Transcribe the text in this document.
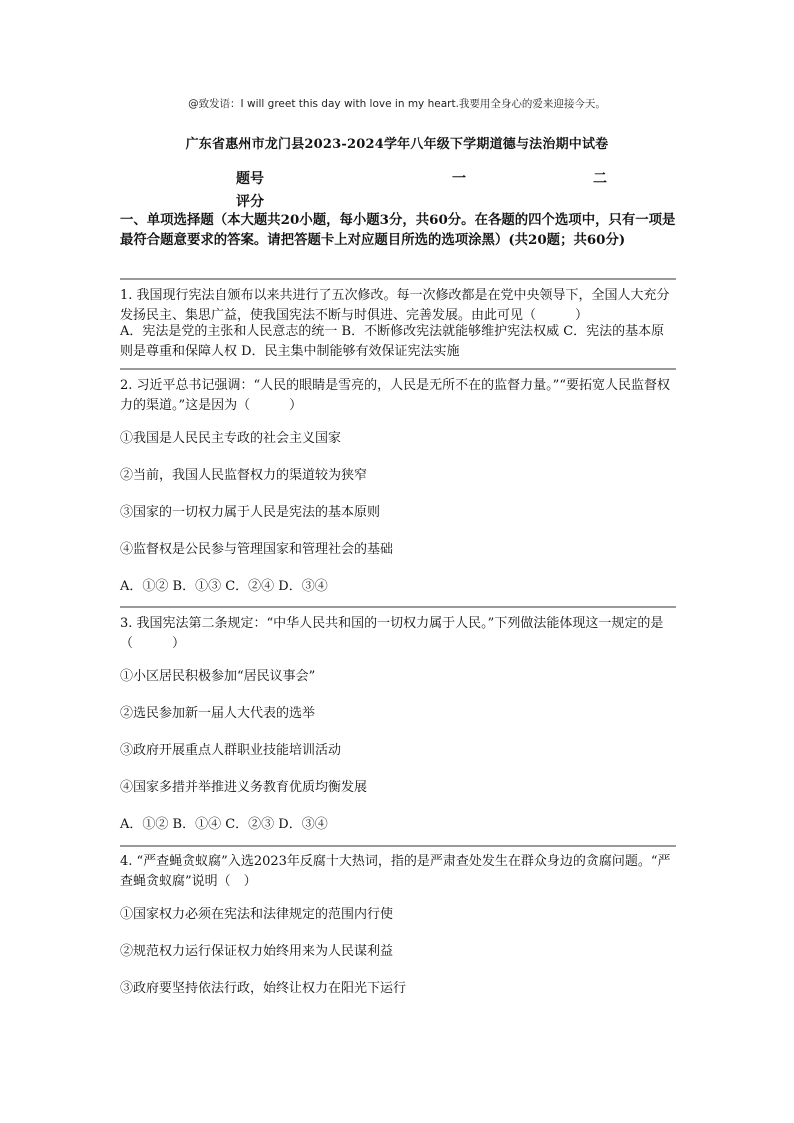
@致发语：I will greet this day with love in my heart.我要用全身心的爱来迎接今天。
广东省惠州市龙门县2023-2024学年八年级下学期道德与法治期中试卷
题号	一	二
评分
一、单项选择题（本大题共20小题，每小题3分，共60分。在各题的四个选项中，只有一项是最符合题意要求的答案。请把答题卡上对应题目所选的选项涂黑）(共20题；共60分)
1. 我国现行宪法自颁布以来共进行了五次修改。每一次修改都是在党中央领导下，全国人大充分发扬民主、集思广益，使我国宪法不断与时俱进、完善发展。由此可见（　　　）
A．宪法是党的主张和人民意志的统一 B．不断修改宪法就能够维护宪法权威 C．宪法的基本原则是尊重和保障人权 D．民主集中制能够有效保证宪法实施
2. 习近平总书记强调：“人民的眼睛是雪亮的，人民是无所不在的监督力量。”“要拓宽人民监督权力的渠道。”这是因为（　　　）
①我国是人民民主专政的社会主义国家
②当前，我国人民监督权力的渠道较为狭窄
③国家的一切权力属于人民是宪法的基本原则
④监督权是公民参与管理国家和管理社会的基础
A．①② B．①③ C．②④ D．③④
3. 我国宪法第二条规定：“中华人民共和国的一切权力属于人民。”下列做法能体现这一规定的是（　　　）
①小区居民积极参加“居民议事会”
②选民参加新一届人大代表的选举
③政府开展重点人群职业技能培训活动
④国家多措并举推进义务教育优质均衡发展
A．①② B．①④ C．②③ D．③④
4. “严查蝇贪蚁腐”入选2023年反腐十大热词，指的是严肃查处发生在群众身边的贪腐问题。“严查蝇贪蚁腐”说明（　）
①国家权力必须在宪法和法律规定的范围内行使
②规范权力运行保证权力始终用来为人民谋利益
③政府要坚持依法行政，始终让权力在阳光下运行
